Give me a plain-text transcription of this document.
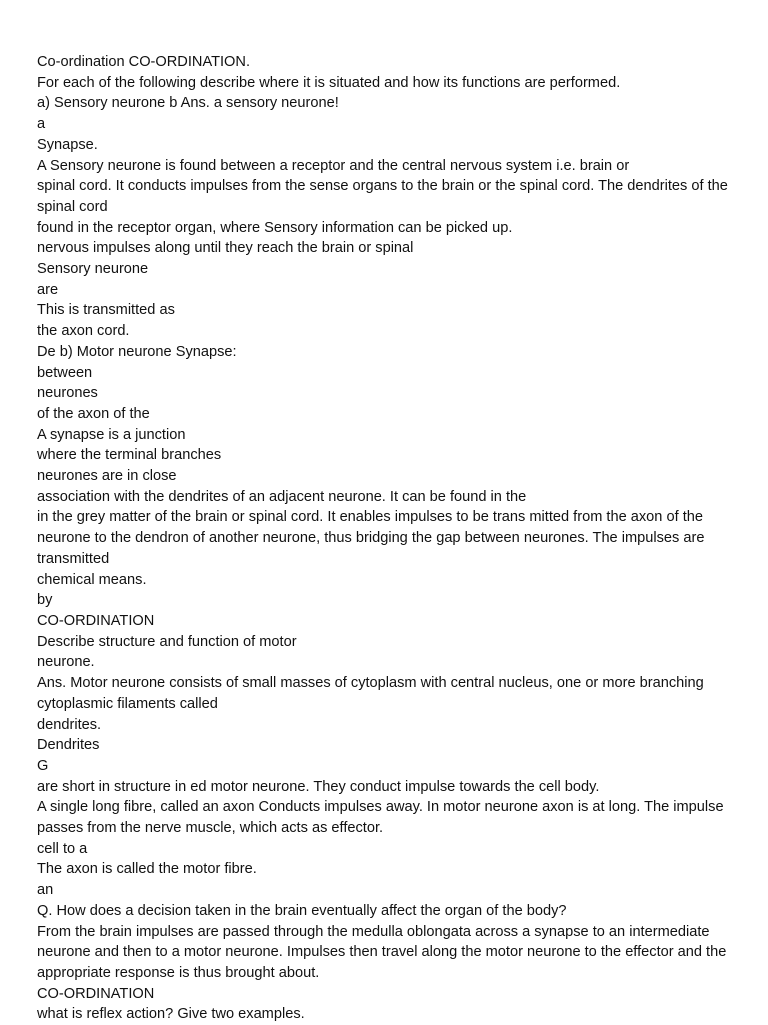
Co-ordination CO-ORDINATION.

For each of the following describe where it is situated and how its functions are performed.

a) Sensory neurone b Ans. a sensory neurone!

a

Synapse.

A Sensory neurone is found between a receptor and the central nervous system i.e. brain or

spinal cord. It conducts impulses from the sense organs to the brain or the spinal cord. The dendrites of the spinal cord

found in the receptor organ, where Sensory information can be picked up.

nervous impulses along until they reach the brain or spinal

Sensory neurone

are

This is transmitted as

the axon cord.

De b) Motor neurone Synapse:

between

neurones

of the axon of the

A synapse is a junction

where the terminal branches

neurones are in close

association with the dendrites of an adjacent neurone. It can be found in the

in the grey matter of the brain or spinal cord. It enables impulses to be trans mitted from the axon of the neurone to the dendron of another neurone, thus bridging the gap between neurones. The impulses are transmitted

chemical means.

by

CO-ORDINATION

Describe structure and function of motor

neurone.

Ans. Motor neurone consists of small masses of cytoplasm with central nucleus, one or more branching cytoplasmic filaments called

dendrites.

Dendrites

G

are short in structure in ed motor neurone. They conduct impulse towards the cell body.

A single long fibre, called an axon Conducts impulses away. In motor neurone axon is at long. The impulse passes from the nerve muscle, which acts as effector.

cell to a

The axon is called the motor fibre.

an

Q. How does a decision taken in the brain eventually affect the organ of the body?

From the brain impulses are passed through the medulla oblongata across a synapse to an intermediate neurone and then to a motor neurone. Impulses then travel along the motor neurone to the effector and the appropriate response is thus brought about.

CO-ORDINATION

what is reflex action? Give two examples.
